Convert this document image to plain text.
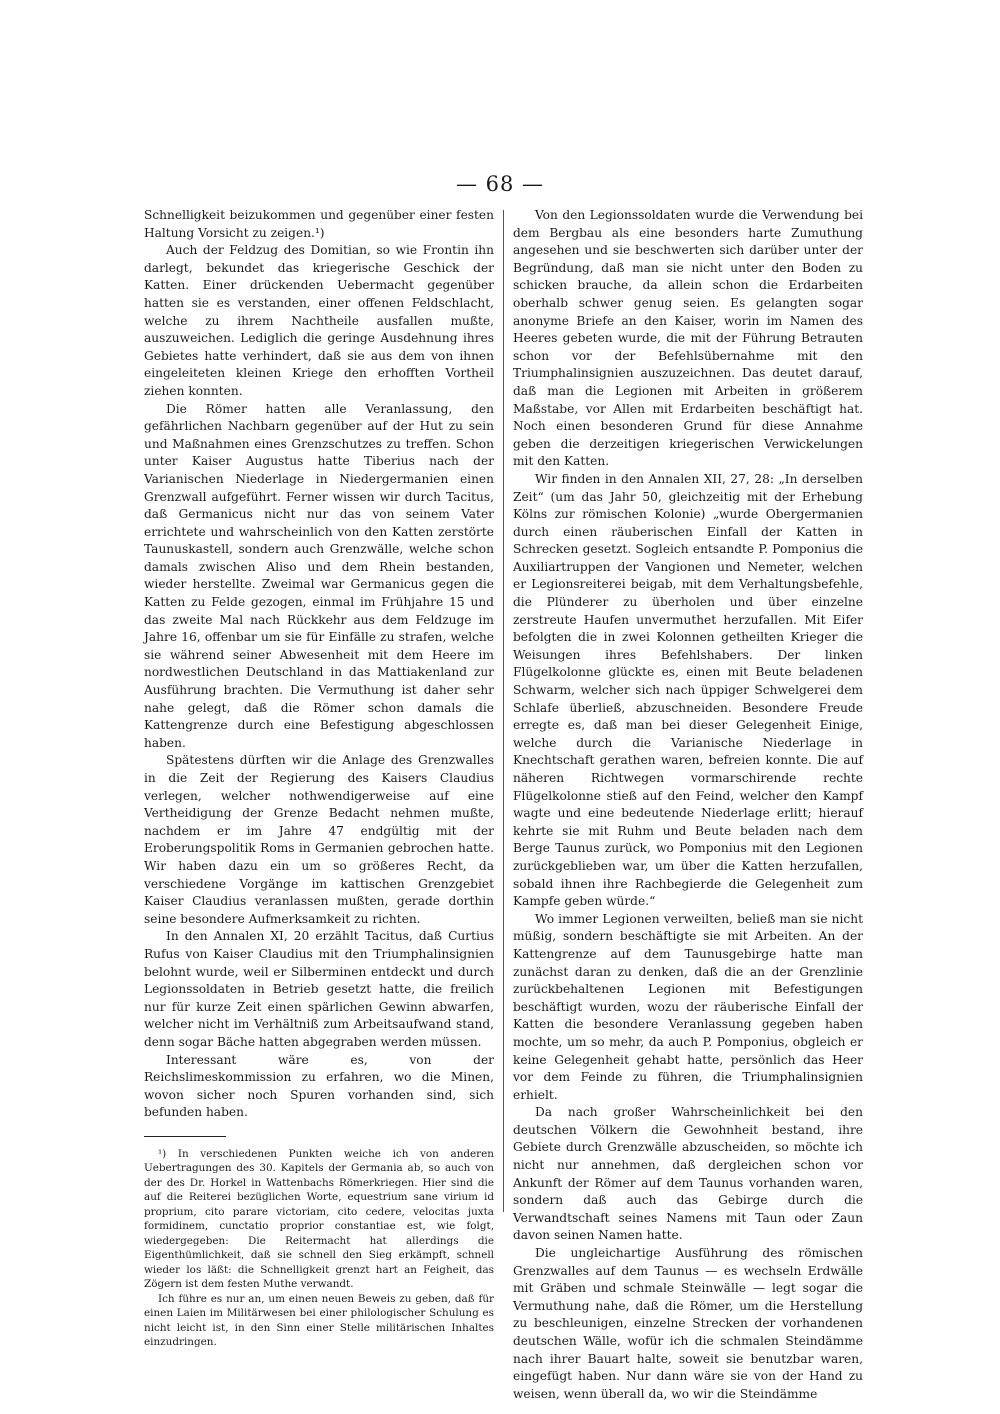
— 68 —

Schnelligkeit beizukommen und gegenüber einer festen Haltung Vorsicht zu zeigen.¹)

Auch der Feldzug des Domitian, so wie Frontin ihn darlegt, bekundet das kriegerische Geschick der Katten. Einer drückenden Uebermacht gegenüber hatten sie es verstanden, einer offenen Feldschlacht, welche zu ihrem Nachtheile ausfallen mußte, auszuweichen. Lediglich die geringe Ausdehnung ihres Gebietes hatte verhindert, daß sie aus dem von ihnen eingeleiteten kleinen Kriege den erhofften Vortheil ziehen konnten.

Die Römer hatten alle Veranlassung, den gefährlichen Nachbarn gegenüber auf der Hut zu sein und Maßnahmen eines Grenzschutzes zu treffen. Schon unter Kaiser Augustus hatte Tiberius nach der Varianischen Niederlage in Niedergermanien einen Grenzwall aufgeführt. Ferner wissen wir durch Tacitus, daß Germanicus nicht nur das von seinem Vater errichtete und wahrscheinlich von den Katten zerstörte Taunuskastell, sondern auch Grenzwälle, welche schon damals zwischen Aliso und dem Rhein bestanden, wieder herstellte. Zweimal war Germanicus gegen die Katten zu Felde gezogen, einmal im Frühjahre 15 und das zweite Mal nach Rückkehr aus dem Feldzuge im Jahre 16, offenbar um sie für Einfälle zu strafen, welche sie während seiner Abwesenheit mit dem Heere im nordwestlichen Deutschland in das Mattiakenland zur Ausführung brachten. Die Vermuthung ist daher sehr nahe gelegt, daß die Römer schon damals die Kattengrenze durch eine Befestigung abgeschlossen haben.

Spätestens dürften wir die Anlage des Grenzwalles in die Zeit der Regierung des Kaisers Claudius verlegen, welcher nothwendigerweise auf eine Vertheidigung der Grenze Bedacht nehmen mußte, nachdem er im Jahre 47 endgültig mit der Eroberungspolitik Roms in Germanien gebrochen hatte. Wir haben dazu ein um so größeres Recht, da verschiedene Vorgänge im kattischen Grenzgebiet Kaiser Claudius veranlassen mußten, gerade dorthin seine besondere Aufmerksamkeit zu richten.

In den Annalen XI, 20 erzählt Tacitus, daß Curtius Rufus von Kaiser Claudius mit den Triumphalinsignien belohnt wurde, weil er Silberminen entdeckt und durch Legionssoldaten in Betrieb gesetzt hatte, die freilich nur für kurze Zeit einen spärlichen Gewinn abwarfen, welcher nicht im Verhältniß zum Arbeitsaufwand stand, denn sogar Bäche hatten abgegraben werden müssen.

Interessant wäre es, von der Reichslimeskommission zu erfahren, wo die Minen, wovon sicher noch Spuren vorhanden sind, sich befunden haben.

¹) In verschiedenen Punkten weiche ich von anderen Uebertragungen des 30. Kapitels der Germania ab, so auch von der des Dr. Horkel in Wattenbachs Römerkriegen. Hier sind die auf die Reiterei bezüglichen Worte, equestrium sane virium id proprium, cito parare victoriam, cito cedere, velocitas juxta formidinem, cunctatio proprior constantiae est, wie folgt, wiedergegeben: Die Reitermacht hat allerdings die Eigenthümlichkeit, daß sie schnell den Sieg erkämpft, schnell wieder los läßt: die Schnelligkeit grenzt hart an Feigheit, das Zögern ist dem festen Muthe verwandt.

Ich führe es nur an, um einen neuen Beweis zu geben, daß für einen Laien im Militärwesen bei einer philologischer Schulung es nicht leicht ist, in den Sinn einer Stelle militärischen Inhaltes einzudringen.

Von den Legionssoldaten wurde die Verwendung bei dem Bergbau als eine besonders harte Zumuthung angesehen und sie beschwerten sich darüber unter der Begründung, daß man sie nicht unter den Boden zu schicken brauche, da allein schon die Erdarbeiten oberhalb schwer genug seien. Es gelangten sogar anonyme Briefe an den Kaiser, worin im Namen des Heeres gebeten wurde, die mit der Führung Betrauten schon vor der Befehlsübernahme mit den Triumphalinsignien auszuzeichnen. Das deutet darauf, daß man die Legionen mit Arbeiten in größerem Maßstabe, vor Allen mit Erdarbeiten beschäftigt hat. Noch einen besonderen Grund für diese Annahme geben die derzeitigen kriegerischen Verwickelungen mit den Katten.

Wir finden in den Annalen XII, 27, 28: „In derselben Zeit“ (um das Jahr 50, gleichzeitig mit der Erhebung Kölns zur römischen Kolonie) „wurde Obergermanien durch einen räuberischen Einfall der Katten in Schrecken gesetzt. Sogleich entsandte P. Pomponius die Auxiliartruppen der Vangionen und Nemeter, welchen er Legionsreiterei beigab, mit dem Verhaltungsbefehle, die Plünderer zu überholen und über einzelne zerstreute Haufen unvermuthet herzufallen. Mit Eifer befolgten die in zwei Kolonnen getheilten Krieger die Weisungen ihres Befehlshabers. Der linken Flügelkolonne glückte es, einen mit Beute beladenen Schwarm, welcher sich nach üppiger Schwelgerei dem Schlafe überließ, abzuschneiden. Besondere Freude erregte es, daß man bei dieser Gelegenheit Einige, welche durch die Varianische Niederlage in Knechtschaft gerathen waren, befreien konnte. Die auf näheren Richtwegen vormarschirende rechte Flügelkolonne stieß auf den Feind, welcher den Kampf wagte und eine bedeutende Niederlage erlitt; hierauf kehrte sie mit Ruhm und Beute beladen nach dem Berge Taunus zurück, wo Pomponius mit den Legionen zurückgeblieben war, um über die Katten herzufallen, sobald ihnen ihre Rachbegierde die Gelegenheit zum Kampfe geben würde.“

Wo immer Legionen verweilten, beließ man sie nicht müßig, sondern beschäftigte sie mit Arbeiten. An der Kattengrenze auf dem Taunusgebirge hatte man zunächst daran zu denken, daß die an der Grenzlinie zurückbehaltenen Legionen mit Befestigungen beschäftigt wurden, wozu der räuberische Einfall der Katten die besondere Veranlassung gegeben haben mochte, um so mehr, da auch P. Pomponius, obgleich er keine Gelegenheit gehabt hatte, persönlich das Heer vor dem Feinde zu führen, die Triumphalinsignien erhielt.

Da nach großer Wahrscheinlichkeit bei den deutschen Völkern die Gewohnheit bestand, ihre Gebiete durch Grenzwälle abzuscheiden, so möchte ich nicht nur annehmen, daß dergleichen schon vor Ankunft der Römer auf dem Taunus vorhanden waren, sondern daß auch das Gebirge durch die Verwandtschaft seines Namens mit Taun oder Zaun davon seinen Namen hatte.

Die ungleichartige Ausführung des römischen Grenzwalles auf dem Taunus — es wechseln Erdwälle mit Gräben und schmale Steinwälle — legt sogar die Vermuthung nahe, daß die Römer, um die Herstellung zu beschleunigen, einzelne Strecken der vorhandenen deutschen Wälle, wofür ich die schmalen Steindämme nach ihrer Bauart halte, soweit sie benutzbar waren, eingefügt haben. Nur dann wäre sie von der Hand zu weisen, wenn überall da, wo wir die Steindämme
